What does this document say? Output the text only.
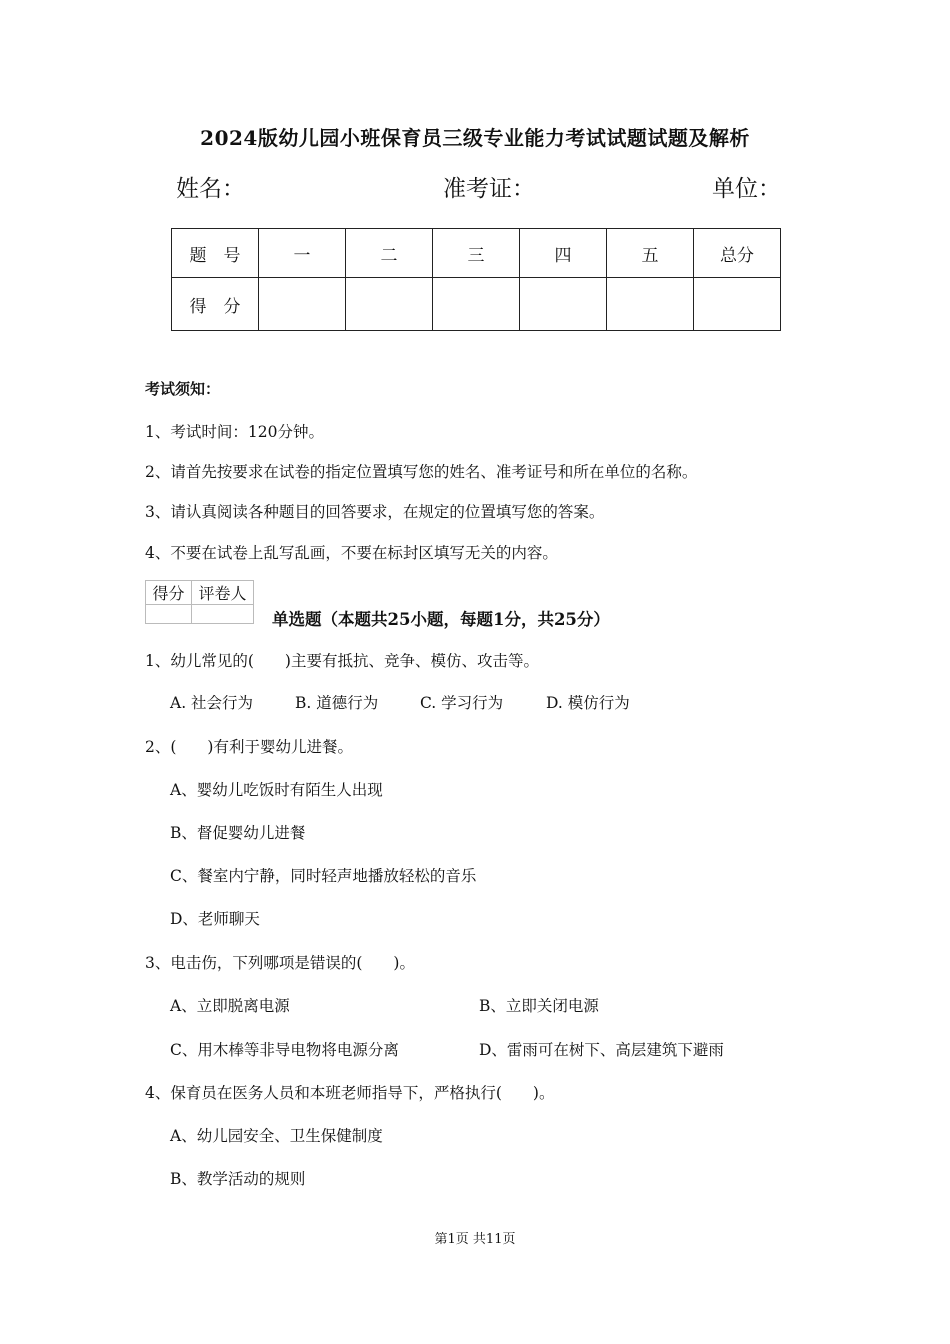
2024版幼儿园小班保育员三级专业能力考试试题试题及解析
姓名：	准考证：	单位：
题　号	一	二	三	四	五	总分
得　分						
考试须知：
1、考试时间：120分钟。
2、请首先按要求在试卷的指定位置填写您的姓名、准考证号和所在单位的名称。
3、请认真阅读各种题目的回答要求，在规定的位置填写您的答案。
4、不要在试卷上乱写乱画，不要在标封区填写无关的内容。
得分	评卷人

单选题（本题共25小题，每题1分，共25分）
1、幼儿常见的(　　)主要有抵抗、竞争、模仿、攻击等。
A. 社会行为	B. 道德行为	C. 学习行为	D. 模仿行为
2、(　　)有利于婴幼儿进餐。
A、婴幼儿吃饭时有陌生人出现
B、督促婴幼儿进餐
C、餐室内宁静，同时轻声地播放轻松的音乐
D、老师聊天
3、电击伤，下列哪项是错误的(　　)。
A、立即脱离电源	B、立即关闭电源
C、用木棒等非导电物将电源分离	D、雷雨可在树下、高层建筑下避雨
4、保育员在医务人员和本班老师指导下，严格执行(　　)。
A、幼儿园安全、卫生保健制度
B、教学活动的规则
第1页 共11页
